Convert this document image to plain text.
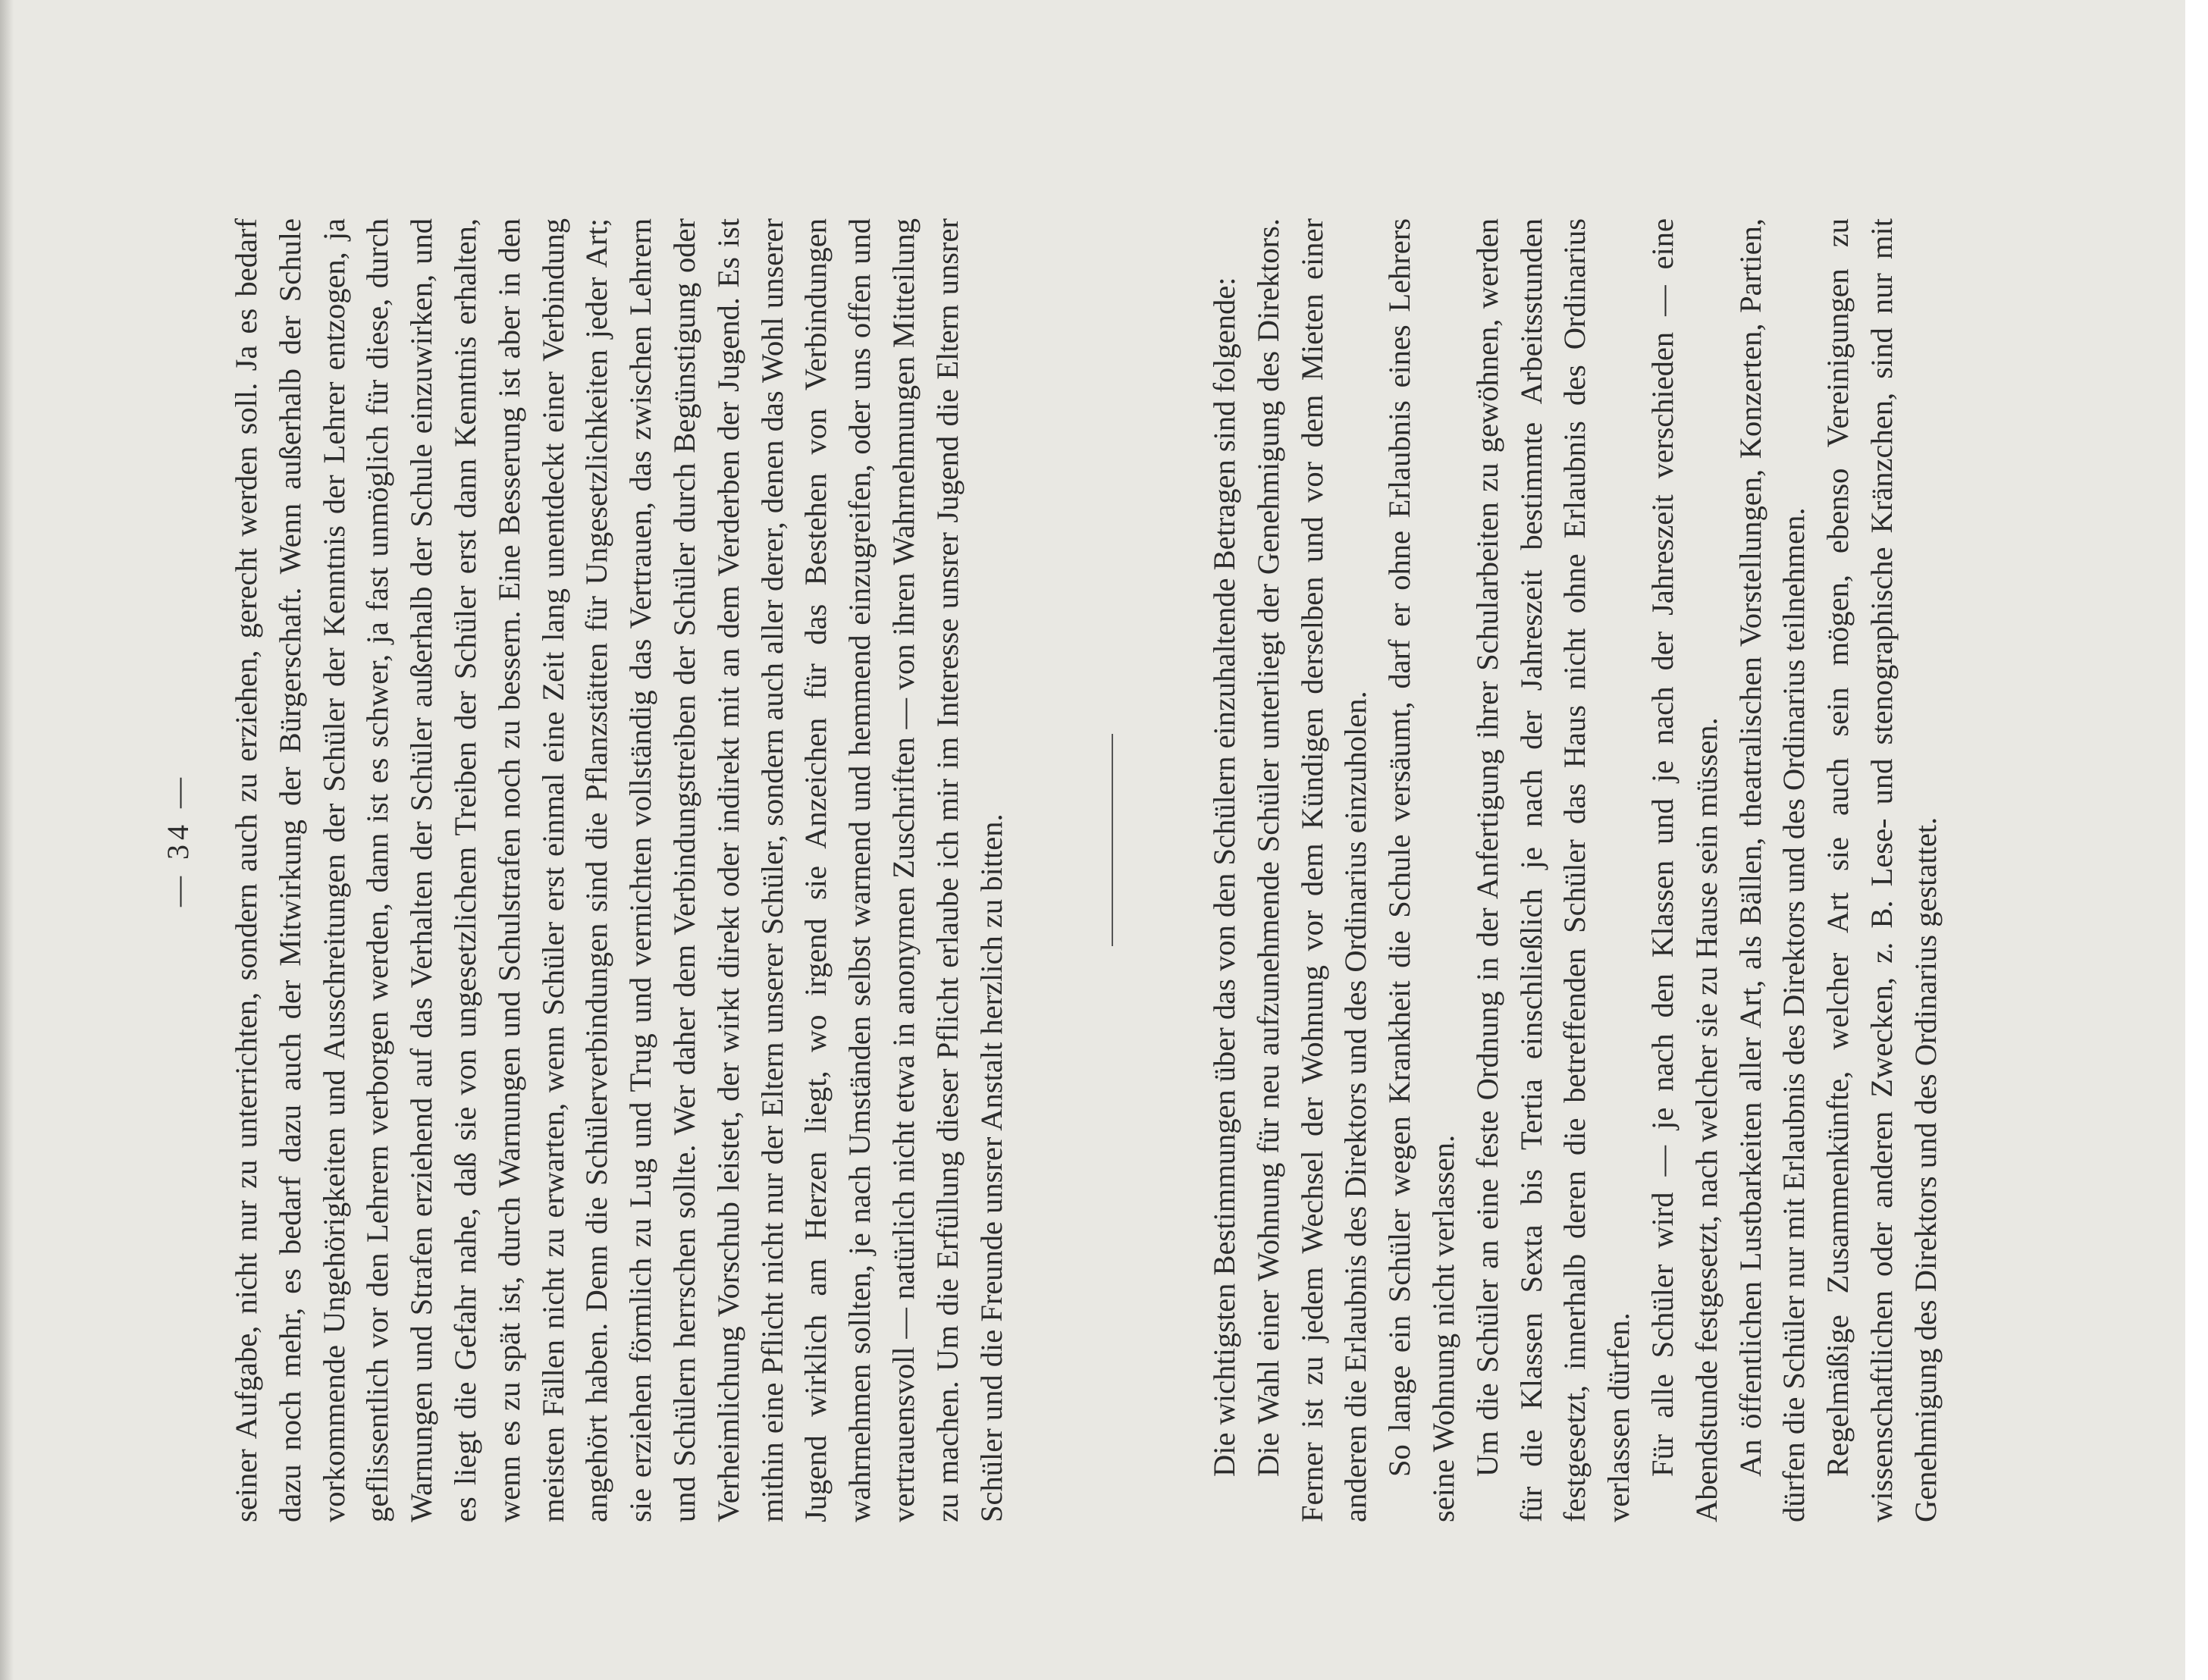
— 34 — seiner Aufgabe, nicht nur zu unterrichten, sondern auch zu erziehen, gerecht werden soll. Ja es bedarf dazu noch mehr, es bedarf dazu auch der Mitwirkung der Bürgerschaft. Wenn außerhalb der Schule vorkommende Ungehörigkeiten und Ausschreitungen der Schüler der Kenntnis der Lehrer entzogen, ja geflissentlich vor den Lehrern verborgen werden, dann ist es schwer, ja fast unmöglich für diese, durch Warnungen und Strafen erziehend auf das Verhalten der Schüler außerhalb der Schule einzuwirken, und es liegt die Gefahr nahe, daß sie von ungesetzlichem Treiben der Schüler erst dann Kenntnis erhalten, wenn es zu spät ist, durch Warnungen und Schulstrafen noch zu bessern. Eine Besserung ist aber in den meisten Fällen nicht zu erwarten, wenn Schüler erst einmal eine Zeit lang unentdeckt einer Verbindung angehört haben. Denn die Schülerverbindungen sind die Pflanzstätten für Ungesetzlichkeiten jeder Art; sie erziehen förmlich zu Lug und Trug und vernichten vollständig das Vertrauen, das zwischen Lehrern und Schülern herrschen sollte. Wer daher dem Verbindungstreiben der Schüler durch Begünstigung oder Verheimlichung Vorschub leistet, der wirkt direkt oder indirekt mit an dem Verderben der Jugend. Es ist mithin eine Pflicht nicht nur der Eltern unserer Schüler, sondern auch aller derer, denen das Wohl unserer Jugend wirklich am Herzen liegt, wo irgend sie Anzeichen für das Bestehen von Verbindungen wahrnehmen sollten, je nach Umständen selbst warnend und hemmend einzugreifen, oder uns offen und vertrauensvoll — natürlich nicht etwa in anonymen Zuschriften — von ihren Wahrnehmungen Mitteilung zu machen. Um die Erfüllung dieser Pflicht erlaube ich mir im Interesse unsrer Jugend die Eltern unsrer Schüler und die Freunde unsrer Anstalt herzlich zu bitten.	Die wichtigsten Bestimmungen über das von den Schülern einzuhaltende Betragen sind folgende: Die Wahl einer Wohnung für neu aufzunehmende Schüler unterliegt der Genehmigung des Direktors. Ferner ist zu jedem Wechsel der Wohnung vor dem Kündigen derselben und vor dem Mieten einer anderen die Erlaubnis des Direktors und des Ordinarius einzuholen. So lange ein Schüler wegen Krankheit die Schule versäumt, darf er ohne Erlaubnis eines Lehrers seine Wohnung nicht verlassen. Um die Schüler an eine feste Ordnung in der Anfertigung ihrer Schularbeiten zu gewöhnen, werden für die Klassen Sexta bis Tertia einschließlich je nach der Jahreszeit bestimmte Arbeitsstunden festgesetzt, innerhalb deren die betreffenden Schüler das Haus nicht ohne Erlaubnis des Ordinarius verlassen dürfen. Für alle Schüler wird — je nach den Klassen und je nach der Jahreszeit verschieden — eine Abendstunde festgesetzt, nach welcher sie zu Hause sein müssen. An öffentlichen Lustbarkeiten aller Art, als Bällen, theatralischen Vorstellungen, Konzerten, Partien, dürfen die Schüler nur mit Erlaubnis des Direktors und des Ordinarius teilnehmen. Regelmäßige Zusammenkünfte, welcher Art sie auch sein mögen, ebenso Vereinigungen zu wissenschaftlichen oder anderen Zwecken, z. B. Lese- und stenographische Kränzchen, sind nur mit Genehmigung des Direktors und des Ordinarius gestattet.
